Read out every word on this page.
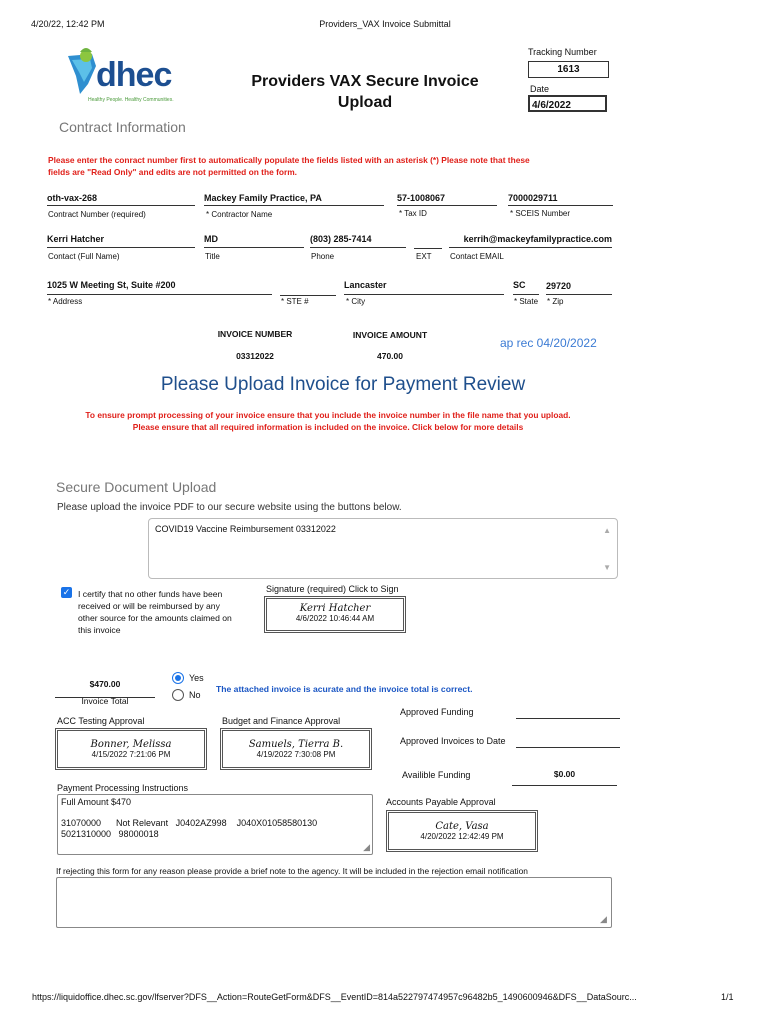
4/20/22, 12:42 PM	Providers_VAX Invoice Submittal
dhec
Healthy People. Healthy Communities.
Providers VAX Secure Invoice
Upload
Tracking Number
1613
Date
4/6/2022
Contract Information
Please enter the conract number first to automatically populate the fields listed with an asterisk (*) Please note that these
fields are "Read Only" and edits are not permitted on the form.
oth-vax-268
Contract Number (required)
Mackey Family Practice, PA
* Contractor Name
57-1008067
* Tax ID
7000029711
* SCEIS Number
Kerri Hatcher
Contact (Full Name)
MD
Title
(803) 285-7414
Phone	EXT
kerrih@mackeyfamilypractice.com
Contact EMAIL
1025 W Meeting St, Suite #200
* Address	* STE #
Lancaster
* City
SC
* State
29720
* Zip
INVOICE NUMBER
03312022
INVOICE AMOUNT
470.00
ap rec 04/20/2022
Please Upload Invoice for Payment Review
To ensure prompt processing of your invoice ensure that you include the invoice number in the file name that you upload.
Please ensure that all required information is included on the invoice. Click below for more details
Secure Document Upload
Please upload the invoice PDF to our secure website using the buttons below.
COVID19 Vaccine Reimbursement 03312022	▲
▼
✓ I certify that no other funds have been
received or will be reimbursed by any
other source for the amounts claimed on
this invoice
Signature (required) Click to Sign
Kerri Hatcher
4/6/2022 10:46:44 AM
$470.00
Invoice Total
Yes
No
The attached invoice is acurate and the invoice total is correct.
ACC Testing Approval
Bonner, Melissa
4/15/2022 7:21:06 PM
Budget and Finance Approval
Samuels, Tierra B.
4/19/2022 7:30:08 PM
Approved Funding
Approved Invoices to Date
Availible Funding	$0.00
Payment Processing Instructions
Full Amount $470
31070000      Not Relevant   J0402AZ998    J040X01058580130
5021310000   98000018
◢
Accounts Payable Approval
Cate, Vasa
4/20/2022 12:42:49 PM
If rejecting this form for any reason please provide a brief note to the agency. It will be included in the rejection email notification
◢
https://liquidoffice.dhec.sc.gov/lfserver?DFS__Action=RouteGetForm&DFS__EventID=814a522797474957c96482b5_1490600946&DFS__DataSourc...	1/1
